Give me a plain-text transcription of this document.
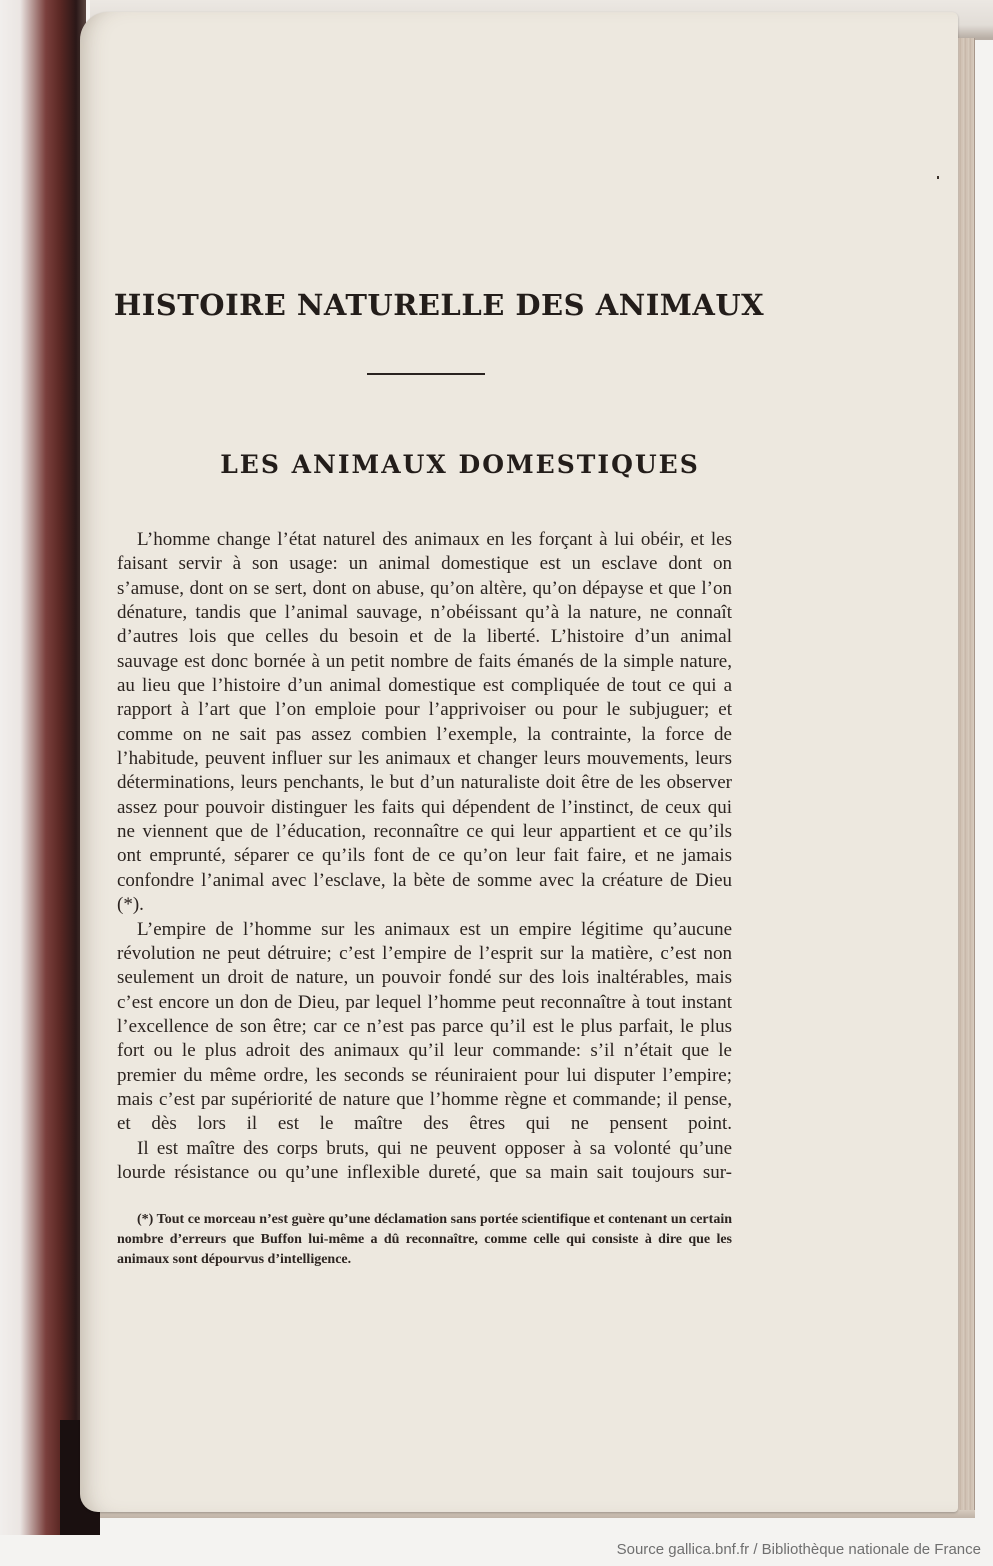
HISTOIRE NATURELLE DES ANIMAUX
LES ANIMAUX DOMESTIQUES

L’homme change l’état naturel des animaux en les forçant à lui obéir, et les faisant servir à son usage: un animal domestique est un esclave dont on s’amuse, dont on se sert, dont on abuse, qu’on altère, qu’on dépayse et que l’on dénature, tandis que l’animal sauvage, n’obéissant qu’à la nature, ne connaît d’autres lois que celles du besoin et de la liberté. L’histoire d’un animal sauvage est donc bornée à un petit nombre de faits émanés de la simple nature, au lieu que l’histoire d’un animal domestique est compliquée de tout ce qui a rapport à l’art que l’on emploie pour l’apprivoiser ou pour le subjuguer; et comme on ne sait pas assez combien l’exemple, la contrainte, la force de l’habitude, peuvent influer sur les animaux et changer leurs mouvements, leurs déterminations, leurs penchants, le but d’un naturaliste doit être de les observer assez pour pouvoir distinguer les faits qui dépendent de l’instinct, de ceux qui ne viennent que de l’éducation, reconnaître ce qui leur appartient et ce qu’ils ont emprunté, séparer ce qu’ils font de ce qu’on leur fait faire, et ne jamais confondre l’animal avec l’esclave, la bète de somme avec la créature de Dieu (*).

L’empire de l’homme sur les animaux est un empire légitime qu’aucune révolution ne peut détruire; c’est l’empire de l’esprit sur la matière, c’est non seulement un droit de nature, un pouvoir fondé sur des lois inaltérables, mais c’est encore un don de Dieu, par lequel l’homme peut reconnaître à tout instant l’excellence de son être; car ce n’est pas parce qu’il est le plus parfait, le plus fort ou le plus adroit des animaux qu’il leur commande: s’il n’était que le premier du même ordre, les seconds se réuniraient pour lui disputer l’empire; mais c’est par supériorité de nature que l’homme règne et commande; il pense, et dès lors il est le maître des êtres qui ne pensent point.

Il est maître des corps bruts, qui ne peuvent opposer à sa volonté qu’une lourde résistance ou qu’une inflexible dureté, que sa main sait toujours sur-

(*) Tout ce morceau n’est guère qu’une déclamation sans portée scientifique et contenant un certain nombre d’erreurs que Buffon lui-même a dû reconnaître, comme celle qui consiste à dire que les animaux sont dépourvus d’intelligence.

Source gallica.bnf.fr / Bibliothèque nationale de France
